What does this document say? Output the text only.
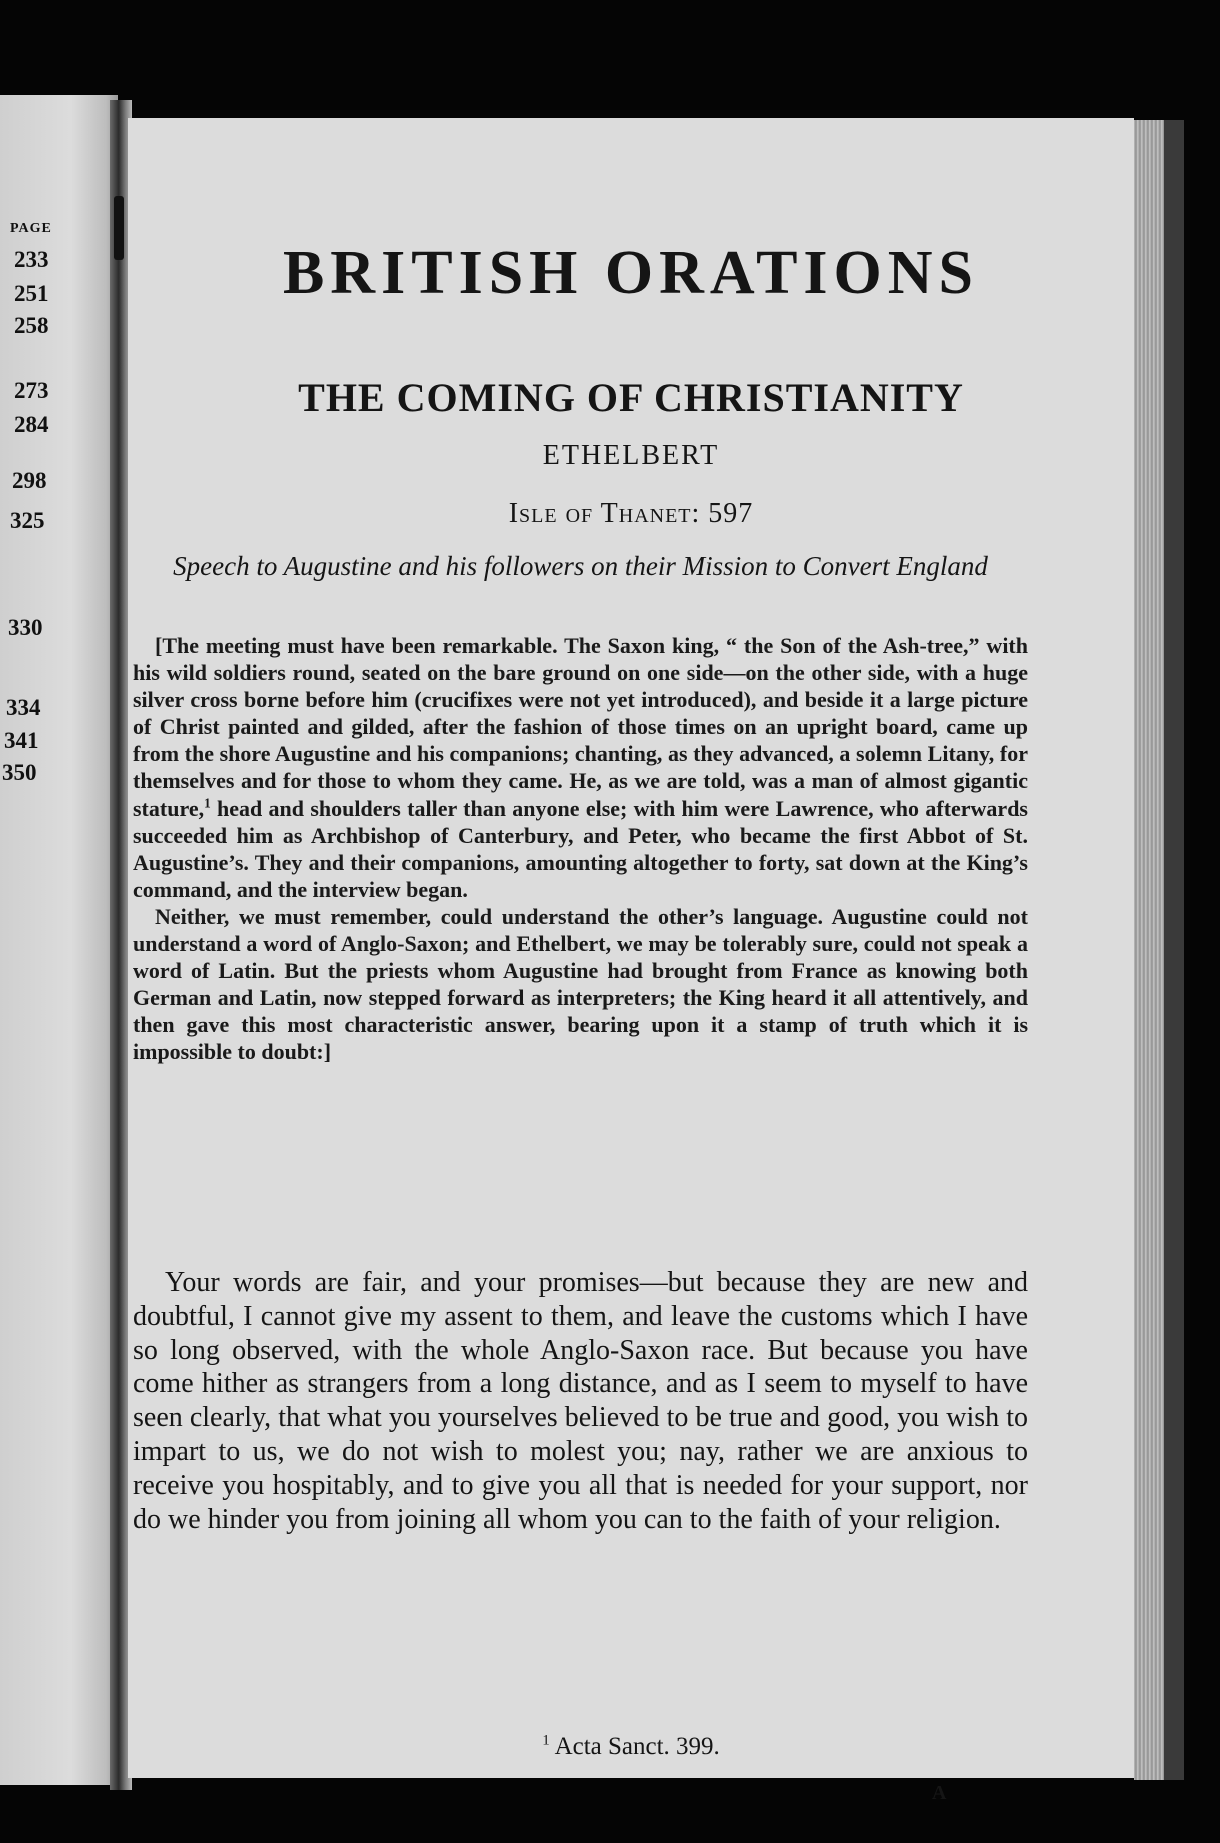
PAGE
233
251
258
273
284
298
325
330
334
341
350
BRITISH ORATIONS
THE COMING OF CHRISTIANITY
ETHELBERT
Isle of Thanet: 597
Speech to Augustine and his followers on their Mission to Convert England

[The meeting must have been remarkable. The Saxon king, “ the Son of the Ash-tree,” with his wild soldiers round, seated on the bare ground on one side—on the other side, with a huge silver cross borne before him (crucifixes were not yet introduced), and beside it a large picture of Christ painted and gilded, after the fashion of those times on an upright board, came up from the shore Augustine and his companions; chanting, as they advanced, a solemn Litany, for themselves and for those to whom they came. He, as we are told, was a man of almost gigantic stature,$^1$ head and shoulders taller than anyone else; with him were Lawrence, who afterwards succeeded him as Archbishop of Canterbury, and Peter, who became the first Abbot of St. Augustine’s. They and their companions, amounting altogether to forty, sat down at the King’s command, and the interview began.

Neither, we must remember, could understand the other’s language. Augustine could not understand a word of Anglo-Saxon; and Ethelbert, we may be tolerably sure, could not speak a word of Latin. But the priests whom Augustine had brought from France as knowing both German and Latin, now stepped forward as interpreters; the King heard it all attentively, and then gave this most characteristic answer, bearing upon it a stamp of truth which it is impossible to doubt:]

Your words are fair, and your promises—but because they are new and doubtful, I cannot give my assent to them, and leave the customs which I have so long observed, with the whole Anglo-Saxon race. But because you have come hither as strangers from a long distance, and as I seem to myself to have seen clearly, that what you yourselves believed to be true and good, you wish to impart to us, we do not wish to molest you; nay, rather we are anxious to receive you hospitably, and to give you all that is needed for your support, nor do we hinder you from joining all whom you can to the faith of your religion.

$^1$ Acta Sanct. 399.
A
